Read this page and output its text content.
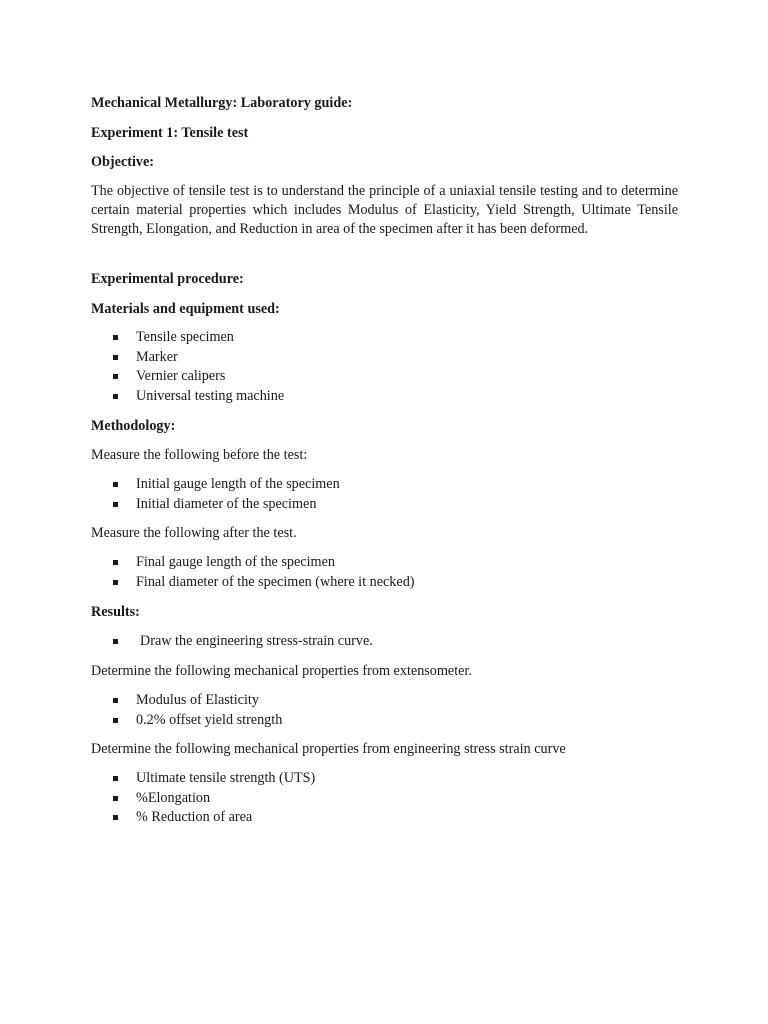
Mechanical Metallurgy: Laboratory guide:

Experiment 1: Tensile test

Objective:

The objective of tensile test is to understand the principle of a uniaxial tensile testing and to determine certain material properties which includes Modulus of Elasticity, Yield Strength, Ultimate Tensile Strength, Elongation, and Reduction in area of the specimen after it has been deformed.

Experimental procedure:

Materials and equipment used:

Tensile specimen
Marker
Vernier calipers
Universal testing machine

Methodology:

Measure the following before the test:

Initial gauge length of the specimen
Initial diameter of the specimen

Measure the following after the test.

Final gauge length of the specimen
Final diameter of the specimen (where it necked)

Results:

Draw the engineering stress-strain curve.

Determine the following mechanical properties from extensometer.

Modulus of Elasticity
0.2% offset yield strength

Determine the following mechanical properties from engineering stress strain curve

Ultimate tensile strength (UTS)
%Elongation
% Reduction of area
